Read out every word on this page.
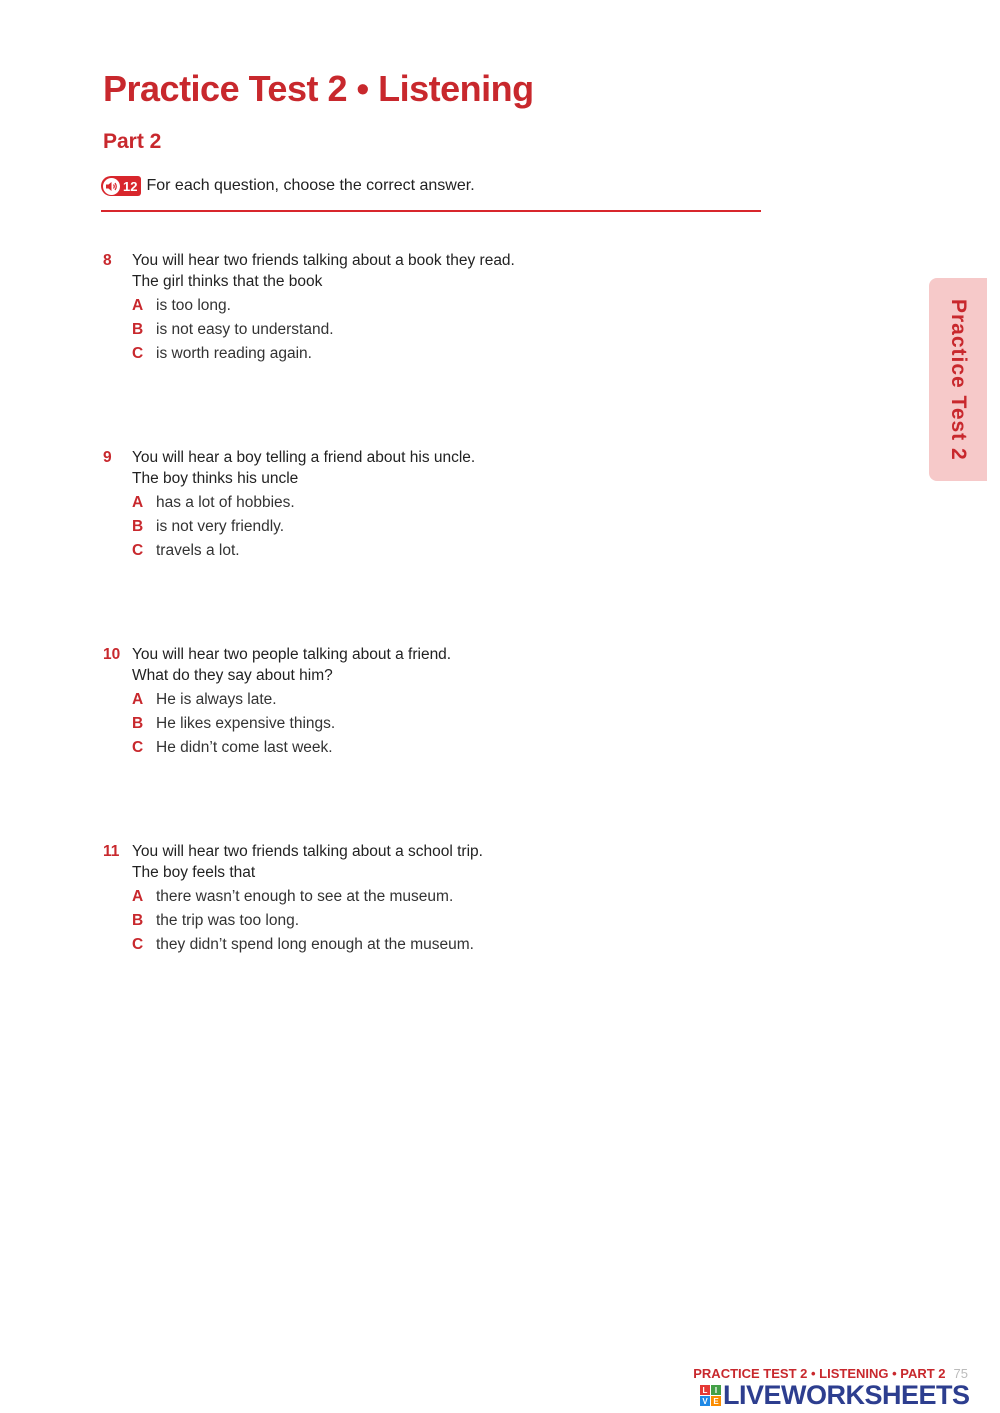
Practice Test 2 • Listening
Part 2
12 For each question, choose the correct answer.
8	You will hear two friends talking about a book they read.
The girl thinks that the book
A is too long.
B is not easy to understand.
C is worth reading again.
9	You will hear a boy telling a friend about his uncle.
The boy thinks his uncle
A has a lot of hobbies.
B is not very friendly.
C travels a lot.
10 You will hear two people talking about a friend.
What do they say about him?
A He is always late.
B He likes expensive things.
C He didn’t come last week.
11 You will hear two friends talking about a school trip.
The boy feels that
A there wasn’t enough to see at the museum.
B the trip was too long.
C they didn’t spend long enough at the museum.
Practice Test 2
PRACTICE TEST 2 • LISTENING • PART 2 75
L I
V E LIVEWORKSHEETS
